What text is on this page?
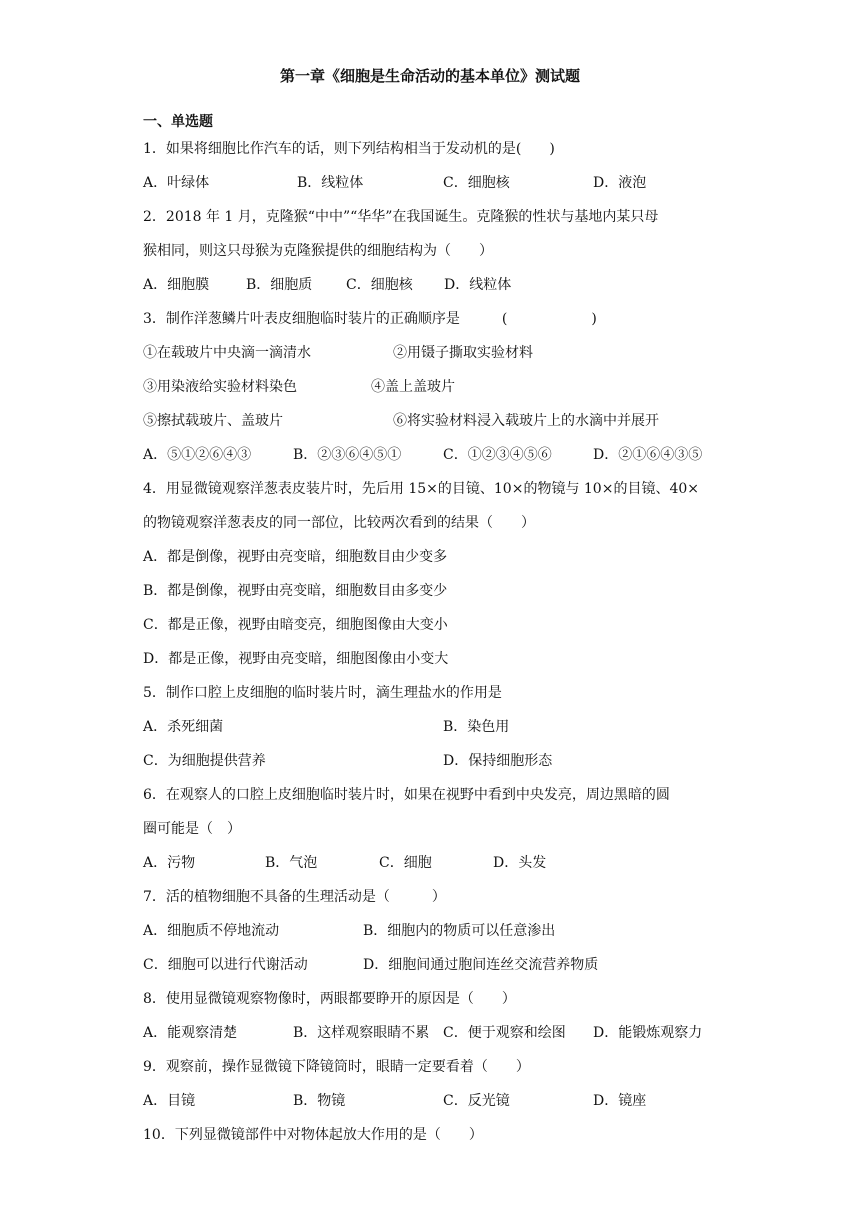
第一章《细胞是生命活动的基本单位》测试题
一、单选题
1．如果将细胞比作汽车的话，则下列结构相当于发动机的是(　　)
A．叶绿体	B．线粒体	C．细胞核	D．液泡
2．2018 年 1 月，克隆猴“中中”“华华”在我国诞生。克隆猴的性状与基地内某只母
猴相同，则这只母猴为克隆猴提供的细胞结构为（　　）
A．细胞膜	B．细胞质	C．细胞核	D．线粒体
3．制作洋葱鳞片叶表皮细胞临时装片的正确顺序是　　　(　　　　　　)
①在载玻片中央滴一滴清水	②用镊子撕取实验材料
③用染液给实验材料染色	④盖上盖玻片
⑤擦拭载玻片、盖玻片	⑥将实验材料浸入载玻片上的水滴中并展开
A．⑤①②⑥④③	B．②③⑥④⑤①	C．①②③④⑤⑥	D．②①⑥④③⑤
4．用显微镜观察洋葱表皮装片时，先后用 15×的目镜、10×的物镜与 10×的目镜、40×
的物镜观察洋葱表皮的同一部位，比较两次看到的结果（　　）
A．都是倒像，视野由亮变暗，细胞数目由少变多
B．都是倒像，视野由亮变暗，细胞数目由多变少
C．都是正像，视野由暗变亮，细胞图像由大变小
D．都是正像，视野由亮变暗，细胞图像由小变大
5．制作口腔上皮细胞的临时装片时，滴生理盐水的作用是
A．杀死细菌	B．染色用
C．为细胞提供营养	D．保持细胞形态
6．在观察人的口腔上皮细胞临时装片时，如果在视野中看到中央发亮，周边黑暗的圆
圈可能是（　）
A．污物	B．气泡	C．细胞	D．头发
7．活的植物细胞不具备的生理活动是（　　　）
A．细胞质不停地流动	B．细胞内的物质可以任意渗出
C．细胞可以进行代谢活动	D．细胞间通过胞间连丝交流营养物质
8．使用显微镜观察物像时，两眼都要睁开的原因是（　　）
A．能观察清楚	B．这样观察眼睛不累 C．便于观察和绘图	D．能锻炼观察力
9．观察前，操作显微镜下降镜筒时，眼睛一定要看着（　　）
A．目镜	B．物镜	C．反光镜	D．镜座
10．下列显微镜部件中对物体起放大作用的是（　　）
